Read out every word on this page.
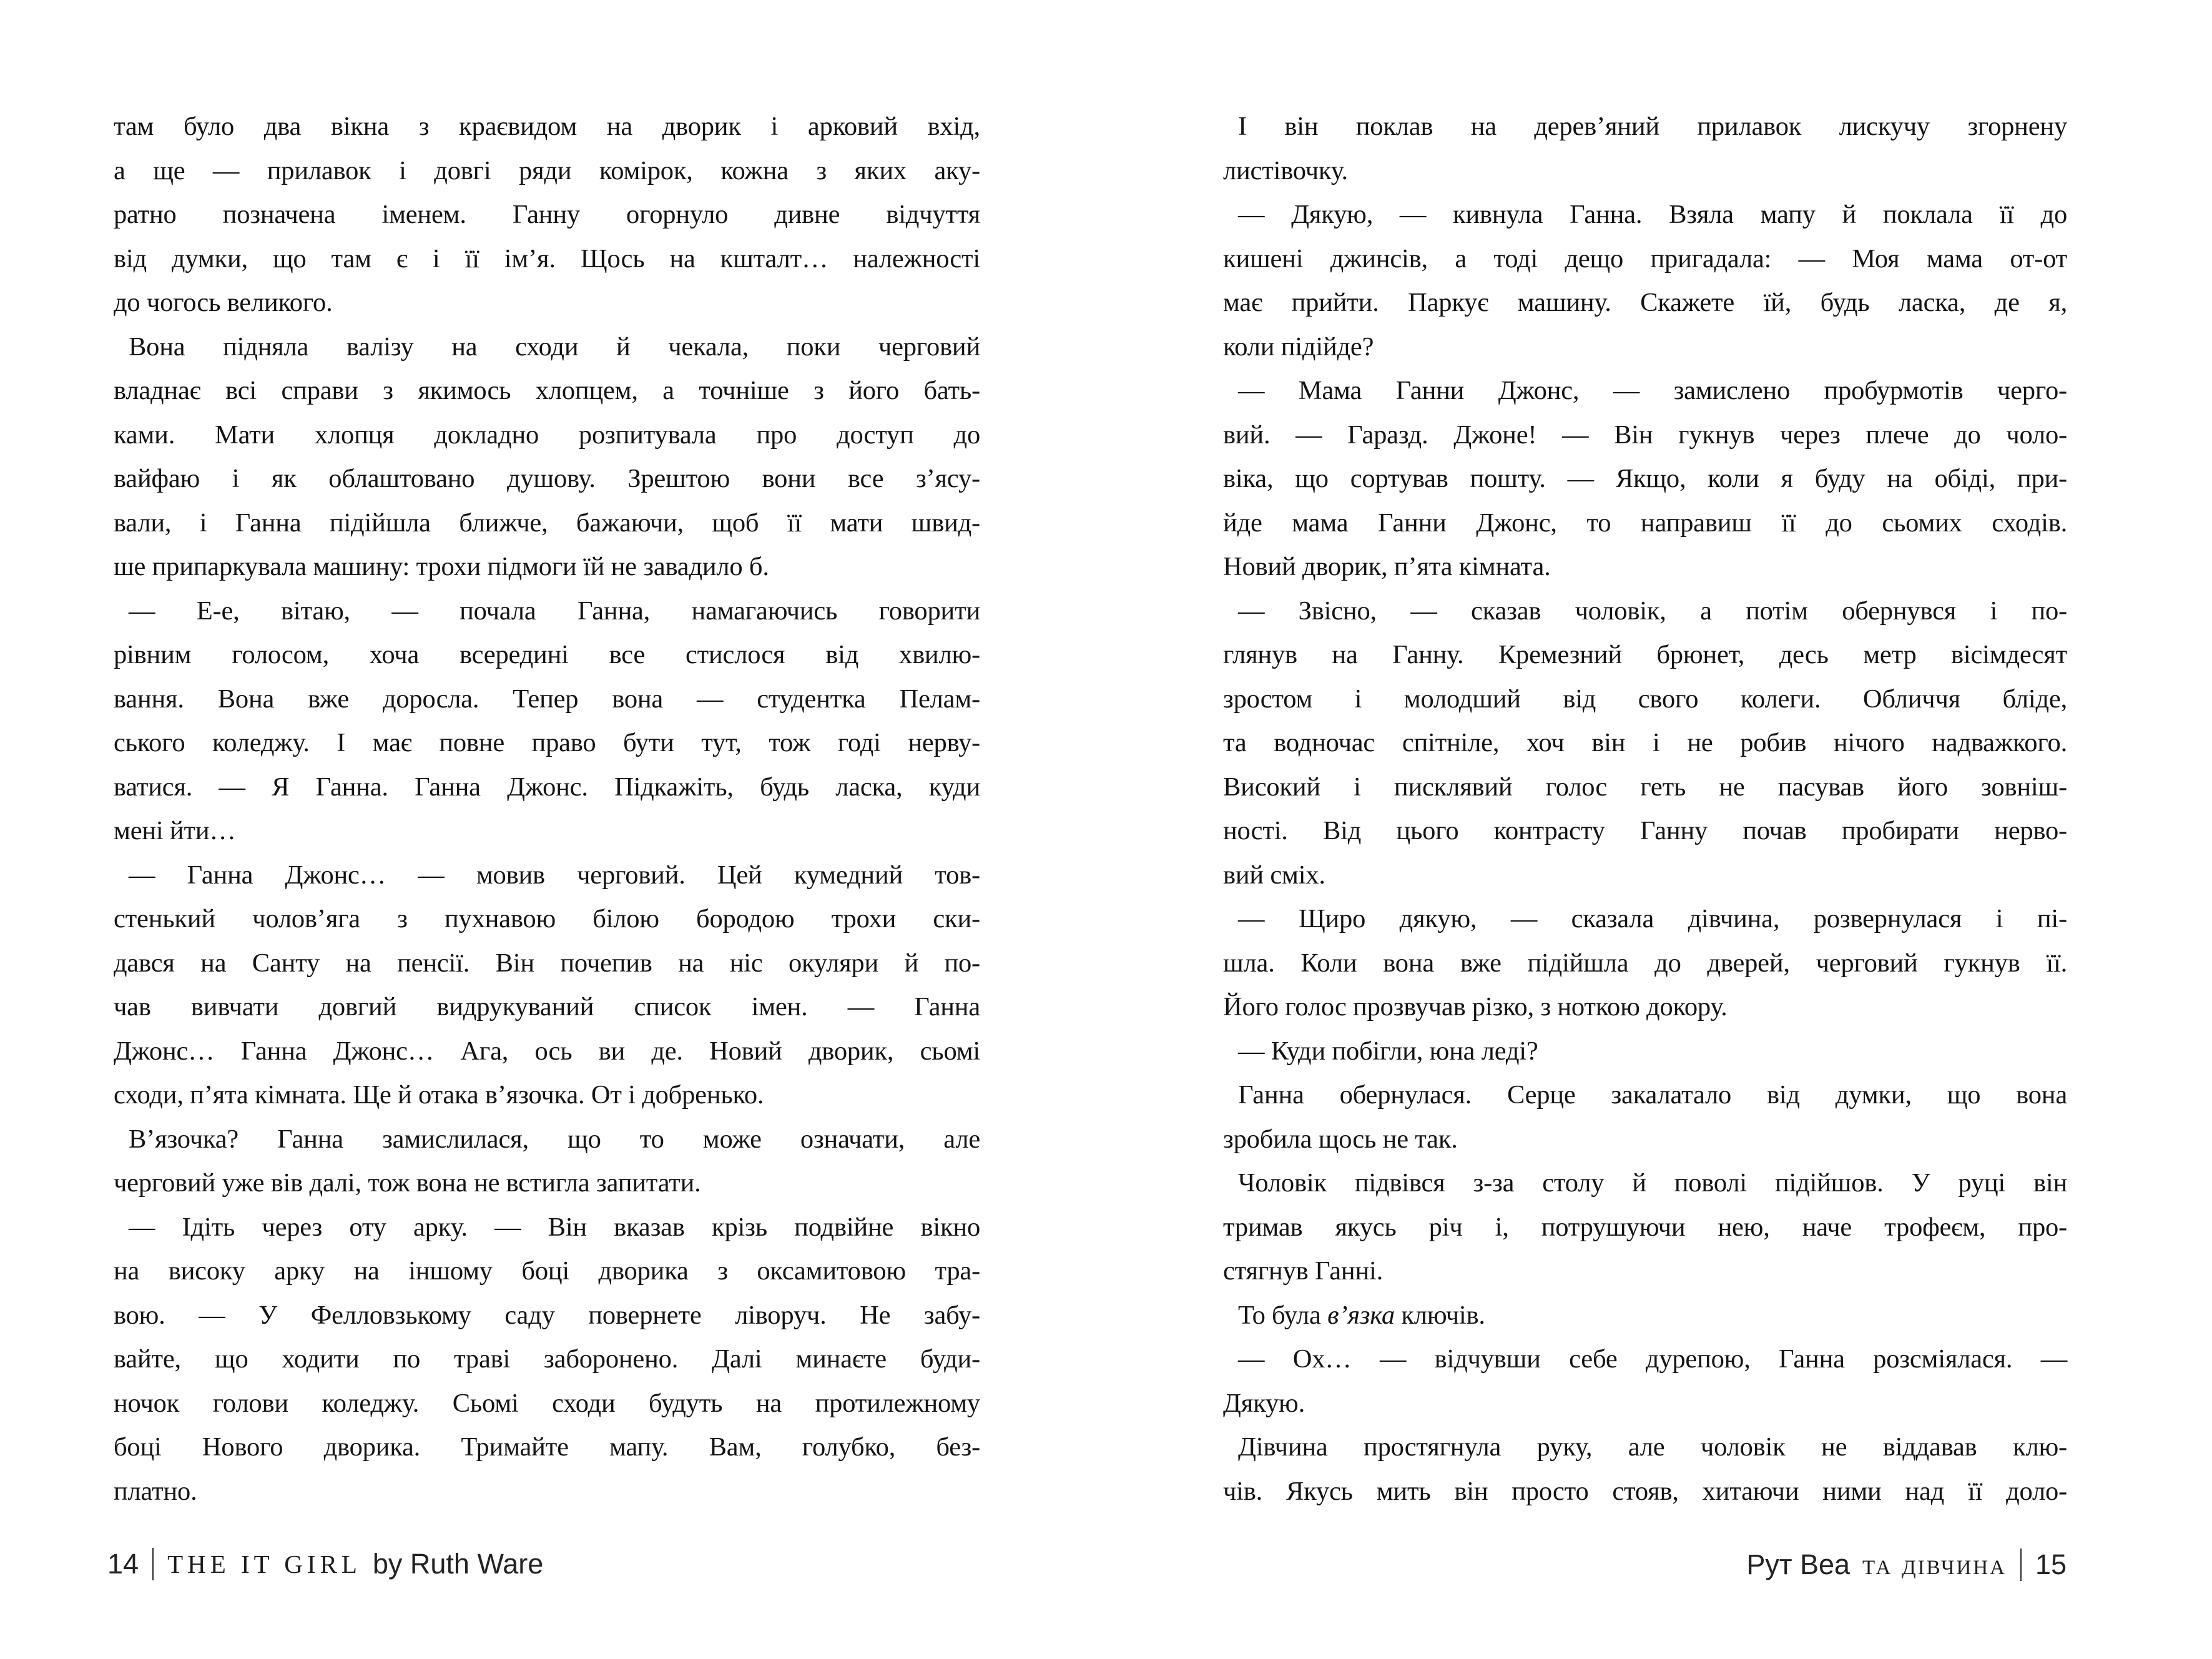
там було два вікна з краєвидом на дворик і арковий вхід,
а ще — прилавок і довгі ряди комірок, кожна з яких аку-
ратно позначена іменем. Ганну огорнуло дивне відчуття
від думки, що там є і її ім’я. Щось на кшталт… належності
до чогось великого.
Вона підняла валізу на сходи й чекала, поки черговий
владнає всі справи з якимось хлопцем, а точніше з його бать-
ками. Мати хлопця докладно розпитувала про доступ до
вайфаю і як облаштовано душову. Зрештою вони все з’ясу-
вали, і Ганна підійшла ближче, бажаючи, щоб її мати швид-
ше припаркувала машину: трохи підмоги їй не завадило б.
— Е-е, вітаю, — почала Ганна, намагаючись говорити
рівним голосом, хоча всередині все стислося від хвилю-
вання. Вона вже доросла. Тепер вона — студентка Пелам-
ського коледжу. І має повне право бути тут, тож годі нерву-
ватися. — Я Ганна. Ганна Джонс. Підкажіть, будь ласка, куди
мені йти…
— Ганна Джонс… — мовив черговий. Цей кумедний тов-
стенький чолов’яга з пухнавою білою бородою трохи ски-
дався на Санту на пенсії. Він почепив на ніс окуляри й по-
чав вивчати довгий видрукуваний список імен. — Ганна
Джонс… Ганна Джонс… Ага, ось ви де. Новий дворик, сьомі
сходи, п’ята кімната. Ще й отака в’язочка. От і добренько.
В’язочка? Ганна замислилася, що то може означати, але
черговий уже вів далі, тож вона не встигла запитати.
— Ідіть через оту арку. — Він вказав крізь подвійне вікно
на високу арку на іншому боці дворика з оксамитовою тра-
вою. — У Фелловзькому саду повернете ліворуч. Не забу-
вайте, що ходити по траві заборонено. Далі минаєте буди-
ночок голови коледжу. Сьомі сходи будуть на протилежному
боці Нового дворика. Тримайте мапу. Вам, голубко, без-
платно.
І він поклав на дерев’яний прилавок лискучу згорнену
листівочку.
— Дякую, — кивнула Ганна. Взяла мапу й поклала її до
кишені джинсів, а тоді дещо пригадала: — Моя мама от-от
має прийти. Паркує машину. Скажете їй, будь ласка, де я,
коли підійде?
— Мама Ганни Джонс, — замислено пробурмотів черго-
вий. — Гаразд. Джоне! — Він гукнув через плече до чоло-
віка, що сортував пошту. — Якщо, коли я буду на обіді, при-
йде мама Ганни Джонс, то направиш її до сьомих сходів.
Новий дворик, п’ята кімната.
— Звісно, — сказав чоловік, а потім обернувся і по-
глянув на Ганну. Кремезний брюнет, десь метр вісімдесят
зростом і молодший від свого колеги. Обличчя бліде,
та водночас спітніле, хоч він і не робив нічого надважкого.
Високий і писклявий голос геть не пасував його зовніш-
ності. Від цього контрасту Ганну почав пробирати нерво-
вий сміх.
— Щиро дякую, — сказала дівчина, розвернулася і пі-
шла. Коли вона вже підійшла до дверей, черговий гукнув її.
Його голос прозвучав різко, з ноткою докору.
— Куди побігли, юна леді?
Ганна обернулася. Серце закалатало від думки, що вона
зробила щось не так.
Чоловік підвівся з-за столу й поволі підійшов. У руці він
тримав якусь річ і, потрушуючи нею, наче трофеєм, про-
стягнув Ганні.
То була в’язка ключів.
— Ох… — відчувши себе дурепою, Ганна розсміялася. —
Дякую.
Дівчина простягнула руку, але чоловік не віддавав клю-
чів. Якусь мить він просто стояв, хитаючи ними над її доло-
14 THE IT GIRL by Ruth Ware	Рут Веа та дівчина 15
